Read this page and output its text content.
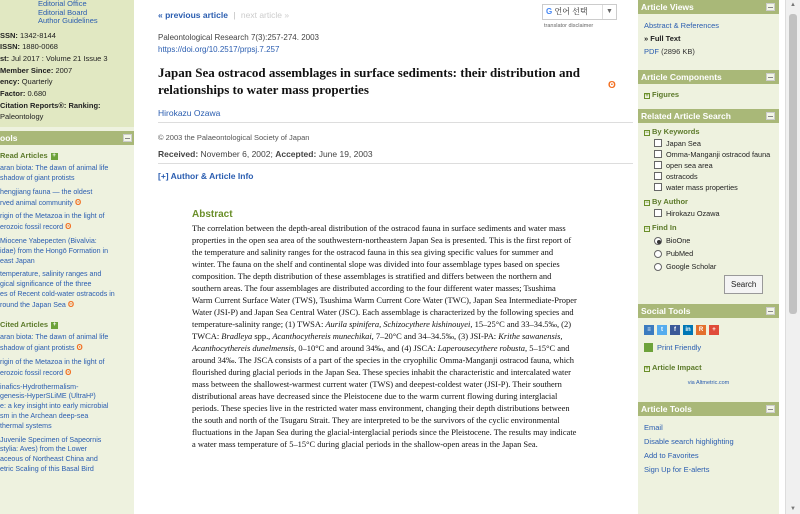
Editorial Office
Editorial Board
Author Guidelines
SSN: 1342-8144
ISSN: 1880-0068
st: Jul 2017 : Volume 21 Issue 3
Member Since: 2007
ency: Quarterly
Factor: 0.680
Citation Reports®: Ranking:
Paleontology
ools
Read Articles +
aran biota: The dawn of animal life
shadow of giant protists
hengjiang fauna — the oldest
rved animal community ʘ
rigin of the Metazoa in the light of
erozoic fossil record ʘ
Miocene Yabepecten (Bivalvia:
idae) from the Hongō Formation in
east Japan
temperature, salinity ranges and
gical significance of the three
es of Recent cold-water ostracods in
round the Japan Sea ʘ
Cited Articles +
aran biota: The dawn of animal life
shadow of giant protists ʘ
rigin of the Metazoa in the light of
erozoic fossil record ʘ
inafics-Hydrothermalism-
genesis-HyperSLiME (UltraH³)
e: a key insight into early microbial
sm in the Archean deep-sea
thermal systems
Juvenile Specimen of Sapeornis
stylia: Aves) from the Lower
aceous of Northeast China and
etric Scaling of this Basal Bird
« previous article | next article »	G 언어 선택	▼
translator disclaimer
Paleontological Research 7(3):257-274. 2003
https://doi.org/10.2517/prpsj.7.257
Japan Sea ostracod assemblages in surface sediments: their distribution and relationships to water mass properties	ʘ
Hirokazu Ozawa
© 2003 the Palaeontological Society of Japan
Received: November 6, 2002; Accepted: June 19, 2003
[+] Author & Article Info
Abstract
The correlation between the depth-areal distribution of the ostracod fauna in surface sediments and water mass properties in the open sea area of the southwestern-northeastern Japan Sea is presented. This is the first report of the temperature and salinity ranges for the ostracod fauna in this sea giving specific values for summer and winter. The fauna on the shelf and continental slope was divided into four assemblage types based on species composition. The depth distribution of these assemblages is stratified and differs between the northern and southern areas. The four assemblages are distributed according to the four different water masses; Tsushima Warm Current Surface Water (TWS), Tsushima Warm Current Core Water (TWC), Japan Sea Intermediate-Proper Water (JSI-P) and Japan Sea Central Water (JSC). Each assemblage is characterized by the following species and temperature-salinity range; (1) TWSA: Aurila spinifera, Schizocythere kishinouyei, 15–25°C and 33–34.5‰, (2) TWCA: Bradleya spp., Acanthocythereis munechikai, 7–20°C and 34–34.5‰, (3) JSI-PA: Krithe sawanensis, Acanthocythereis dunelmensis, 0–10°C and around 34‰, and (4) JSCA: Laperousecythere robusta, 5–15°C and around 34‰. The JSCA consists of a part of the species in the cryophilic Omma-Manganji ostracod fauna, which flourished during glacial periods in the Japan Sea. These species inhabit the characteristic and intercalated water mass between the shallowest-warmest current water (TWS) and deepest-coldest water (JSI-P). Their southern distributional areas have decreased since the Pleistocene due to the warm current flowing during interglacial periods. These species live in the restricted water mass environment, changing their depth distributions between the south and north of the Tsugaru Strait. They are interpreted to be the survivors of the cyclic environmental fluctuations in the Japan Sea during the glacial-interglacial periods since the Pleistocene. The results may indicate a water mass temperature of 5–15°C during glacial periods in the shallow-open areas in the Japan Sea.
Article Views
Abstract & References
» Full Text
PDF (2896 KB)
Article Components
+ Figures
Related Article Search
− By Keywords
Japan Sea
Omma-Manganji ostracod fauna
open sea area
ostracods
water mass properties
− By Author
Hirokazu Ozawa
− Find In
BioOne
PubMed
Google Scholar
Search
Social Tools
≡	t	f	in	R	+
Print Friendly
+ Article Impact
via Altmetric.com
Article Tools
Email
Disable search highlighting
Add to Favorites
Sign Up for E-alerts
▲
▼
